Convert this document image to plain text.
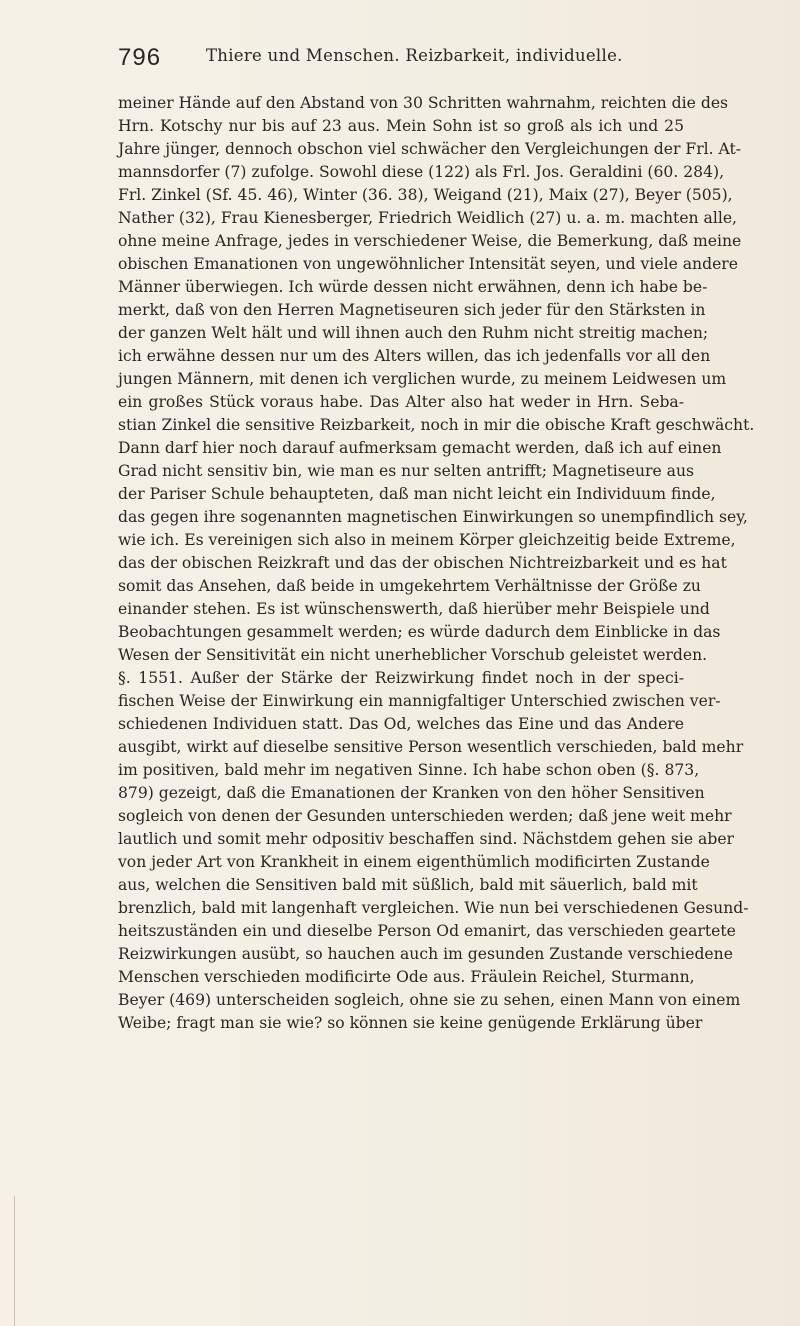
796	Thiere und Menschen. Reizbarkeit, individuelle.
meiner Hände auf den Abstand von 30 Schritten wahrnahm, reichten die des
Hrn. Kotschy nur bis auf 23 aus. Mein Sohn ist so groß als ich und 25
Jahre jünger, dennoch obschon viel schwächer den Vergleichungen der Frl. At-
mannsdorfer (7) zufolge. Sowohl diese (122) als Frl. Jos. Geraldini (60. 284),
Frl. Zinkel (Sf. 45. 46), Winter (36. 38), Weigand (21), Maix (27), Beyer (505),
Nather (32), Frau Kienesberger, Friedrich Weidlich (27) u. a. m. machten alle,
ohne meine Anfrage, jedes in verschiedener Weise, die Bemerkung, daß meine
obischen Emanationen von ungewöhnlicher Intensität seyen, und viele andere
Männer überwiegen. Ich würde dessen nicht erwähnen, denn ich habe be-
merkt, daß von den Herren Magnetiseuren sich jeder für den Stärksten in
der ganzen Welt hält und will ihnen auch den Ruhm nicht streitig machen;
ich erwähne dessen nur um des Alters willen, das ich jedenfalls vor all den
jungen Männern, mit denen ich verglichen wurde, zu meinem Leidwesen um
ein großes Stück voraus habe. Das Alter also hat weder in Hrn. Seba-
stian Zinkel die sensitive Reizbarkeit, noch in mir die obische Kraft geschwächt.
Dann darf hier noch darauf aufmerksam gemacht werden, daß ich auf einen
Grad nicht sensitiv bin, wie man es nur selten antrifft; Magnetiseure aus
der Pariser Schule behaupteten, daß man nicht leicht ein Individuum finde,
das gegen ihre sogenannten magnetischen Einwirkungen so unempfindlich sey,
wie ich. Es vereinigen sich also in meinem Körper gleichzeitig beide Extreme,
das der obischen Reizkraft und das der obischen Nichtreizbarkeit und es hat
somit das Ansehen, daß beide in umgekehrtem Verhältnisse der Größe zu
einander stehen. Es ist wünschenswerth, daß hierüber mehr Beispiele und
Beobachtungen gesammelt werden; es würde dadurch dem Einblicke in das
Wesen der Sensitivität ein nicht unerheblicher Vorschub geleistet werden.
§. 1551. Außer der Stärke der Reizwirkung findet noch in der speci-
fischen Weise der Einwirkung ein mannigfaltiger Unterschied zwischen ver-
schiedenen Individuen statt. Das Od, welches das Eine und das Andere
ausgibt, wirkt auf dieselbe sensitive Person wesentlich verschieden, bald mehr
im positiven, bald mehr im negativen Sinne. Ich habe schon oben (§. 873,
879) gezeigt, daß die Emanationen der Kranken von den höher Sensitiven
sogleich von denen der Gesunden unterschieden werden; daß jene weit mehr
lautlich und somit mehr odpositiv beschaffen sind. Nächstdem gehen sie aber
von jeder Art von Krankheit in einem eigenthümlich modificirten Zustande
aus, welchen die Sensitiven bald mit süßlich, bald mit säuerlich, bald mit
brenzlich, bald mit langenhaft vergleichen. Wie nun bei verschiedenen Gesund-
heitszuständen ein und dieselbe Person Od emanirt, das verschieden geartete
Reizwirkungen ausübt, so hauchen auch im gesunden Zustande verschiedene
Menschen verschieden modificirte Ode aus. Fräulein Reichel, Sturmann,
Beyer (469) unterscheiden sogleich, ohne sie zu sehen, einen Mann von einem
Weibe; fragt man sie wie? so können sie keine genügende Erklärung über
